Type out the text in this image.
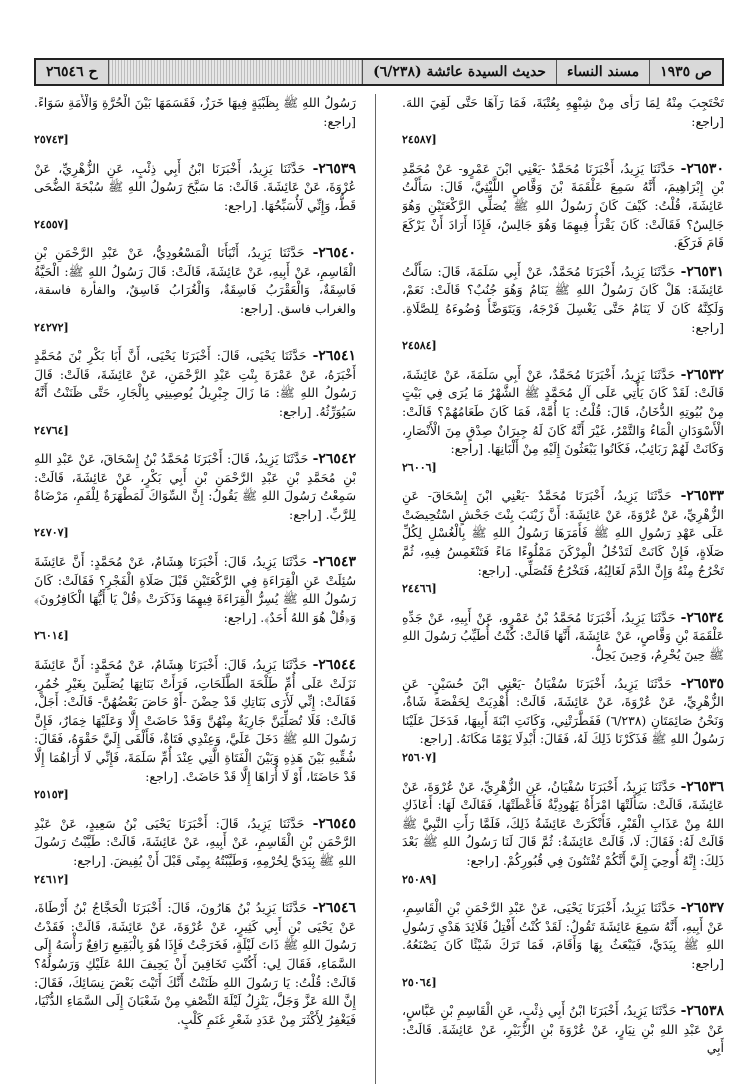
ص ١٩٣٥
مسند النساء
حديث السيدة عائشة (٦/٢٣٨)
ح ٢٦٥٤٦
تَحْتَجِبَ مِنْهُ لِمَا رَأَى مِنْ شِبْهِهِ بِعُتْبَةَ، فَمَا رَآهَا حَتَّى لَقِيَ اللهَ. [راجع:
٢٤٥٨٧]
٢٦٥٣٠- حَدَّثَنَا يَزِيدُ، أَخْبَرَنَا مُحَمَّدٌ -يَعْنِي ابْنَ عَمْرٍو- عَنْ مُحَمَّدِ بْنِ إِبْرَاهِيمَ، أَنَّهُ سَمِعَ عَلْقَمَةَ بْنَ وَقَّاصٍ اللَّيْثِيَّ، قَالَ: سَأَلْتُ عَائِشَةَ، قُلْتُ: كَيْفَ كَانَ رَسُولُ اللهِ ﷺ يُصَلِّي الرَّكْعَتَيْنِ وَهُوَ جَالِسٌ؟ فَقَالَتْ: كَانَ يَقْرَأُ فِيهِمَا وَهُوَ جَالِسٌ، فَإِذَا أَرَادَ أَنْ يَرْكَعَ قَامَ فَرَكَعَ.
٢٦٥٣١- حَدَّثَنَا يَزِيدُ، أَخْبَرَنَا مُحَمَّدٌ، عَنْ أَبِي سَلَمَةَ، قَالَ: سَأَلْتُ عَائِشَةَ: هَلْ كَانَ رَسُولُ اللهِ ﷺ يَنَامُ وَهُوَ جُنُبٌ؟ قَالَتْ: نَعَمْ، وَلَكِنَّهُ كَانَ لَا يَنَامُ حَتَّى يَغْسِلَ فَرْجَهُ، وَيَتَوَضَّأَ وُضُوءَهُ لِلصَّلَاةِ. [راجع:
٢٤٥٨٤]
٢٦٥٣٢- حَدَّثَنَا يَزِيدُ، أَخْبَرَنَا مُحَمَّدٌ، عَنْ أَبِي سَلَمَةَ، عَنْ عَائِشَةَ، قَالَتْ: لَقَدْ كَانَ يَأْتِي عَلَى آلِ مُحَمَّدٍ ﷺ الشَّهْرُ مَا يُرَى فِي بَيْتٍ مِنْ بُيُوتِهِ الدُّخَانُ، قَالَ: قُلْتُ: يَا أُمَّهْ، فَمَا كَانَ طَعَامُهُمْ؟ قَالَتْ: الْأَسْوَدَانِ الْمَاءُ وَالتَّمْرُ، غَيْرَ أَنَّهُ كَانَ لَهُ جِيرَانٌ صِدْقٍ مِنَ الْأَنْصَارِ، وَكَانَتْ لَهُمْ رَبَائِبُ، فَكَانُوا يَبْعَثُونَ إِلَيْهِ مِنْ أَلْبَانِهَا. [راجع:
٢٦٠٠٦]
٢٦٥٣٣- حَدَّثَنَا يَزِيدُ، أَخْبَرَنَا مُحَمَّدٌ -يَعْنِي ابْنَ إِسْحَاقَ- عَنِ الزُّهْرِيِّ، عَنْ عُرْوَةَ، عَنْ عَائِشَةَ: أَنَّ زَيْنَبَ بِنْتَ جَحْشٍ اسْتُحِيضَتْ عَلَى عَهْدِ رَسُولِ اللهِ ﷺ فَأَمَرَهَا رَسُولُ اللهِ ﷺ بِالْغُسْلِ لِكُلِّ صَلَاةٍ، فَإِنْ كَانَتْ لَتَدْخُلُ الْمِرْكَنَ مَمْلُوءًا مَاءً فَتَنْغَمِسُ فِيهِ، ثُمَّ تَخْرُجُ مِنْهُ وَإِنَّ الدَّمَ لَغَالِبُهُ، فَتَخْرُجُ فَتُصَلِّي. [راجع:
٢٤٤٦٦]
٢٦٥٣٤- حَدَّثَنَا يَزِيدُ، أَخْبَرَنَا مُحَمَّدُ بْنُ عَمْرٍو، عَنْ أَبِيهِ، عَنْ جَدِّهِ عَلْقَمَةَ بْنِ وَقَّاصٍ، عَنْ عَائِشَةَ، أَنَّهَا قَالَتْ: كُنْتُ أُطَيِّبُ رَسُولَ اللهِ ﷺ حِينَ يُحْرِمُ، وَحِينَ يَحِلُّ.
٢٦٥٣٥- حَدَّثَنَا يَزِيدُ، أَخْبَرَنَا سُفْيَانُ -يَعْنِي ابْنَ حُسَيْنٍ- عَنِ الزُّهْرِيِّ، عَنْ عُرْوَةَ، عَنْ عَائِشَةَ، قَالَتْ: أُهْدِيَتْ لِحَفْصَةَ شَاةٌ، وَنَحْنُ صَائِمَتَانِ (٦/٢٣٨) فَفَطَّرَتْنِي، وَكَانَتِ ابْنَةَ أَبِيهَا، فَدَخَلَ عَلَيْنَا رَسُولُ اللهِ ﷺ فَذَكَرْنَا ذَلِكَ لَهُ، فَقَالَ: أَبْدِلَا يَوْمًا مَكَانَهُ. [راجع:
٢٥٦٠٧]
٢٦٥٣٦- حَدَّثَنَا يَزِيدُ، أَخْبَرَنَا سُفْيَانُ، عَنِ الزُّهْرِيِّ، عَنْ عُرْوَةَ، عَنْ عَائِشَةَ، قَالَتْ: سَأَلَتْهَا امْرَأَةٌ يَهُودِيَّةٌ فَأَعْطَتْهَا، فَقَالَتْ لَهَا: أَعَاذَكِ اللهُ مِنْ عَذَابِ الْقَبْرِ، فَأَنْكَرَتْ عَائِشَةُ ذَلِكَ، فَلَمَّا رَأَتِ النَّبِيَّ ﷺ قَالَتْ لَهُ: فَقَالَ: لَا، قَالَتْ عَائِشَةُ: ثُمَّ قَالَ لَنَا رَسُولُ اللهِ ﷺ بَعْدَ ذَلِكَ: إِنَّهُ أُوحِيَ إِلَيَّ أَنَّكُمْ تُفْتَنُونَ فِي قُبُورِكُمْ. [راجع:
٢٥٠٨٩]
٢٦٥٣٧- حَدَّثَنَا يَزِيدُ، أَخْبَرَنَا يَحْيَى، عَنْ عَبْدِ الرَّحْمَنِ بْنِ الْقَاسِمِ، عَنْ أَبِيهِ، أَنَّهُ سَمِعَ عَائِشَةَ تَقُولُ: لَقَدْ كُنْتُ أَفْتِلُ قَلَائِدَ هَدْيِ رَسُولِ اللهِ ﷺ بِيَدَيَّ، فَيَبْعَثُ بِهَا وَأَقَامَ، فَمَا تَرَكَ شَيْئًا كَانَ يَصْنَعُهُ. [راجع:
٢٥٠٦٤]
٢٦٥٣٨- حَدَّثَنَا يَزِيدُ، أَخْبَرَنَا ابْنُ أَبِي ذِئْبٍ، عَنِ الْقَاسِمِ بْنِ عَبَّاسٍ، عَنْ عَبْدِ اللهِ بْنِ نِيَارٍ، عَنْ عُرْوَةَ بْنِ الزُّبَيْرِ، عَنْ عَائِشَةَ. قَالَتْ: أَبِي
رَسُولُ اللهِ ﷺ بِظَبْيَةٍ فِيهَا خَرَزٌ، فَقَسَمَهَا بَيْنَ الْحُرَّةِ وَالْأَمَةِ سَوَاءً. [راجع:
٢٥٧٤٣]
٢٦٥٣٩- حَدَّثَنَا يَزِيدُ، أَخْبَرَنَا ابْنُ أَبِي ذِئْبٍ، عَنِ الزُّهْرِيِّ، عَنْ عُرْوَةَ، عَنْ عَائِشَةَ. قَالَتْ: مَا سَبَّحَ رَسُولُ اللهِ ﷺ سُبْحَةَ الضُّحَى قَطُّ، وَإِنِّي لَأُسَبِّحُهَا. [راجع:
٢٤٥٥٧]
٢٦٥٤٠- حَدَّثَنَا يَزِيدُ، أَنْبَأَنَا الْمَسْعُودِيُّ، عَنْ عَبْدِ الرَّحْمَنِ بْنِ الْقَاسِمِ، عَنْ أَبِيهِ، عَنْ عَائِشَةَ، قَالَتْ: قَالَ رَسُولُ اللهِ ﷺ: الْحَيَّةُ فَاسِقَةٌ، وَالْعَقْرَبُ فَاسِقَةٌ، وَالْغُرَابُ فَاسِقٌ، والفأرة فاسقة، والغراب فاسق. [راجع:
٢٤٢٧٢]
٢٦٥٤١- حَدَّثَنَا يَحْيَى، قَالَ: أَخْبَرَنَا يَحْيَى، أَنَّ أَبَا بَكْرِ بْنَ مُحَمَّدٍ أَخْبَرَهُ، عَنْ عَمْرَةَ بِنْتِ عَبْدِ الرَّحْمَنِ، عَنْ عَائِشَةَ، قَالَتْ: قَالَ رَسُولُ اللهِ ﷺ: مَا زَالَ جِبْرِيلُ يُوصِينِي بِالْجَارِ، حَتَّى ظَنَنْتُ أَنَّهُ سَيُوَرِّثُهُ. [راجع:
٢٤٧٦٤]
٢٦٥٤٢- حَدَّثَنَا يَزِيدُ، قَالَ: أَخْبَرَنَا مُحَمَّدُ بْنُ إِسْحَاقَ، عَنْ عَبْدِ اللهِ بْنِ مُحَمَّدِ بْنِ عَبْدِ الرَّحْمَنِ بْنِ أَبِي بَكْرٍ، عَنْ عَائِشَةَ، قَالَتْ: سَمِعْتُ رَسُولَ اللهِ ﷺ يَقُولُ: إِنَّ السِّوَاكَ لَمَطْهَرَةٌ لِلْفَمِ، مَرْضَاةٌ لِلرَّبِّ. [راجع:
٢٤٧٠٧]
٢٦٥٤٣- حَدَّثَنَا يَزِيدُ، قَالَ: أَخْبَرَنَا هِشَامٌ، عَنْ مُحَمَّدٍ: أَنَّ عَائِشَةَ سُئِلَتْ عَنِ الْقِرَاءَةِ فِي الرَّكْعَتَيْنِ قَبْلَ صَلَاةِ الْفَجْرِ؟ فَقَالَتْ: كَانَ رَسُولُ اللهِ ﷺ يُسِرُّ الْقِرَاءَةَ فِيهِمَا وَذَكَرَتْ ﴿قُلْ يَا أَيُّهَا الْكَافِرُونَ﴾ وَ﴿قُلْ هُوَ اللهُ أَحَدٌ﴾. [راجع:
٢٦٠١٤]
٢٦٥٤٤- حَدَّثَنَا يَزِيدُ، قَالَ: أَخْبَرَنَا هِشَامٌ، عَنْ مُحَمَّدٍ: أَنَّ عَائِشَةَ نَزَلَتْ عَلَى أُمِّ طَلْحَةَ الطَّلَحَاتِ، فَرَأَتْ بَنَاتِهَا يُصَلِّينَ بِغَيْرِ خُمُرٍ، فَقَالَتْ: إِنِّي لَأَرَى بَنَاتِكِ قَدْ حِضْنَ -أَوْ حَاضَ بَعْضُهُنَّ- قَالَتْ: أَجَلْ، قَالَتْ: فَلَا تُصَلِّيَنَّ جَارِيَةٌ مِنْهُنَّ وَقَدْ حَاضَتْ إِلَّا وَعَلَيْهَا خِمَارٌ، فَإِنَّ رَسُولَ اللهِ ﷺ دَخَلَ عَلَيَّ، وَعِنْدِي فَتَاةٌ، فَأَلْقَى إِلَيَّ حَقْوَهُ، فَقَالَ: شُقِّيهِ بَيْنَ هَذِهِ وَبَيْنَ الْفَتَاةِ الَّتِي عِنْدَ أُمِّ سَلَمَةَ، فَإِنِّي لَا أُرَاهُمَا إِلَّا قَدْ حَاضَتَا، أَوْ لَا أُرَاهَا إِلَّا قَدْ حَاضَتْ. [راجع:
٢٥١٥٣]
٢٦٥٤٥- حَدَّثَنَا يَزِيدُ، قَالَ: أَخْبَرَنَا يَحْيَى بْنُ سَعِيدٍ، عَنْ عَبْدِ الرَّحْمَنِ بْنِ الْقَاسِمِ، عَنْ أَبِيهِ، عَنْ عَائِشَةَ، قَالَتْ: طَيَّبْتُ رَسُولَ اللهِ ﷺ بِيَدَيَّ لِحُرْمِهِ، وَطَيَّبْتُهُ بِمِنًى قَبْلَ أَنْ يُفِيضَ. [راجع:
٢٤٦١٢]
٢٦٥٤٦- حَدَّثَنَا يَزِيدُ بْنُ هَارُونَ، قَالَ: أَخْبَرَنَا الْحَجَّاجُ بْنُ أَرْطَاةَ، عَنْ يَحْيَى بْنِ أَبِي كَثِيرٍ، عَنْ عُرْوَةَ، عَنْ عَائِشَةَ، قَالَتْ: فَقَدْتُ رَسُولَ اللهِ ﷺ ذَاتَ لَيْلَةٍ، فَخَرَجْتُ فَإِذَا هُوَ بِالْبَقِيعِ رَافِعٌ رَأْسَهُ إِلَى السَّمَاءِ، فَقَالَ لِي: أَكُنْتِ تَخَافِينَ أَنْ يَحِيفَ اللهُ عَلَيْكِ وَرَسُولُهُ؟ قَالَتْ: قُلْتُ: يَا رَسُولَ اللهِ ظَنَنْتُ أَنَّكَ أَتَيْتَ بَعْضَ نِسَائِكَ، فَقَالَ: إِنَّ اللهَ عَزَّ وَجَلَّ، يَنْزِلُ لَيْلَةَ النِّصْفِ مِنْ شَعْبَانَ إِلَى السَّمَاءِ الدُّنْيَا، فَيَغْفِرُ لِأَكْثَرَ مِنْ عَدَدِ شَعْرِ غَنَمِ كَلْبٍ.
